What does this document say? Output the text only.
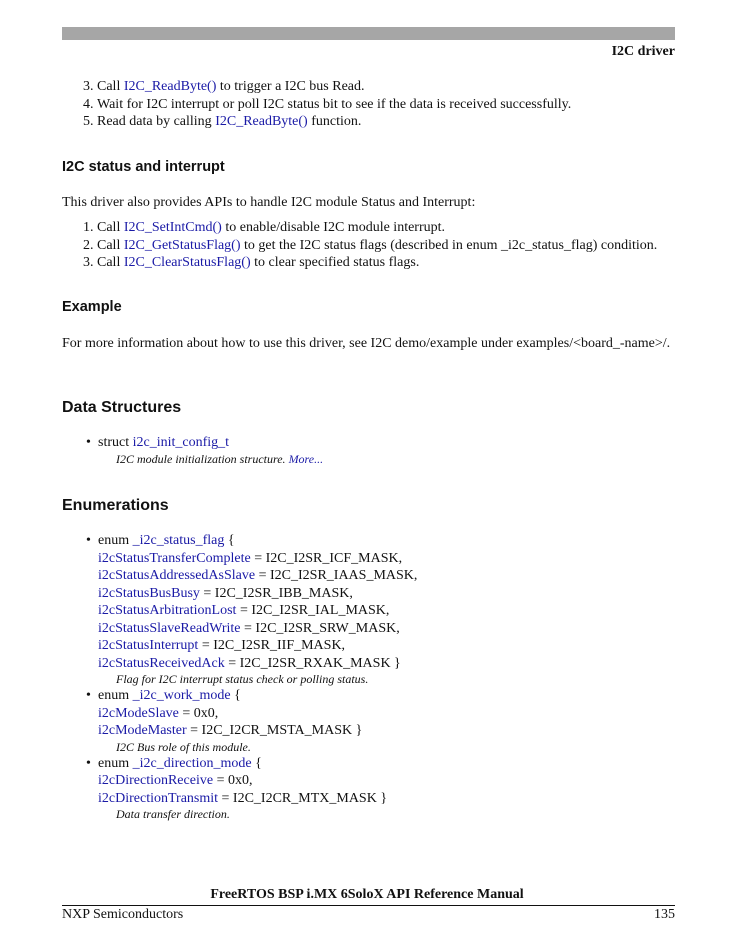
I2C driver
3. Call I2C_ReadByte() to trigger a I2C bus Read.
4. Wait for I2C interrupt or poll I2C status bit to see if the data is received successfully.
5. Read data by calling I2C_ReadByte() function.
I2C status and interrupt

This driver also provides APIs to handle I2C module Status and Interrupt:

1. Call I2C_SetIntCmd() to enable/disable I2C module interrupt.
2. Call I2C_GetStatusFlag() to get the I2C status flags (described in enum _i2c_status_flag) condition.
3. Call I2C_ClearStatusFlag() to clear specified status flags.
Example

For more information about how to use this driver, see I2C demo/example under examples/<board_-name>/.

Data Structures
• struct i2c_init_config_t
I2C module initialization structure. More...
Enumerations
• enum _i2c_status_flag {
i2cStatusTransferComplete = I2C_I2SR_ICF_MASK,
i2cStatusAddressedAsSlave = I2C_I2SR_IAAS_MASK,
i2cStatusBusBusy = I2C_I2SR_IBB_MASK,
i2cStatusArbitrationLost = I2C_I2SR_IAL_MASK,
i2cStatusSlaveReadWrite = I2C_I2SR_SRW_MASK,
i2cStatusInterrupt = I2C_I2SR_IIF_MASK,
i2cStatusReceivedAck = I2C_I2SR_RXAK_MASK }
Flag for I2C interrupt status check or polling status.
• enum _i2c_work_mode {
i2cModeSlave = 0x0,
i2cModeMaster = I2C_I2CR_MSTA_MASK }
I2C Bus role of this module.
• enum _i2c_direction_mode {
i2cDirectionReceive = 0x0,
i2cDirectionTransmit = I2C_I2CR_MTX_MASK }
Data transfer direction.
FreeRTOS BSP i.MX 6SoloX API Reference Manual
NXP Semiconductors	135
